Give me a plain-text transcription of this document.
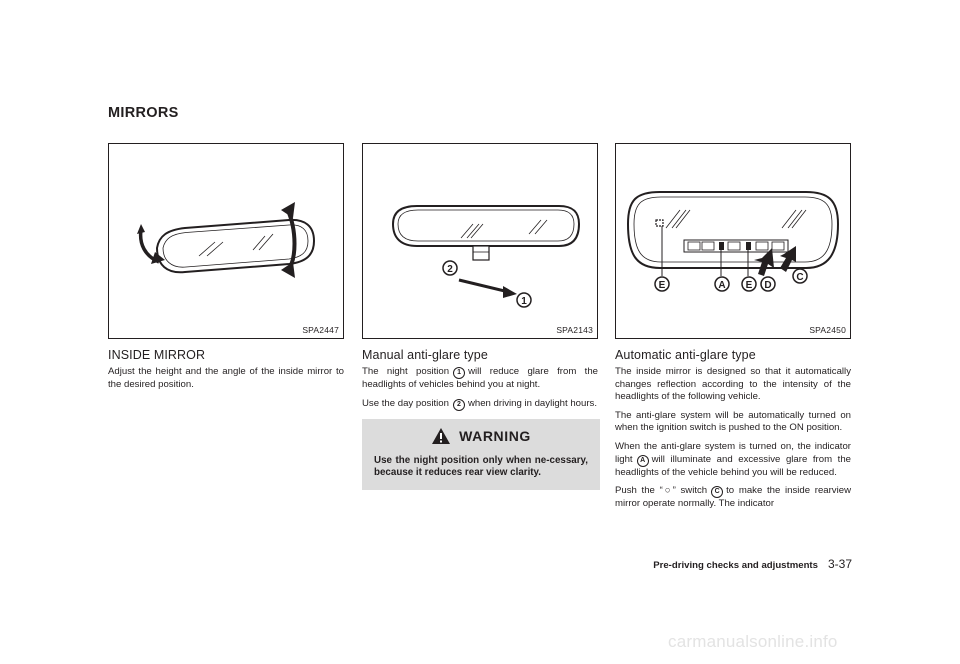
MIRRORS
SPA2447
INSIDE MIRROR

Adjust the height and the angle of the inside mirror to the desired position.

2
1
SPA2143
Manual anti-glare type

The night position 1 will reduce glare from the headlights of vehicles behind you at night.

Use the day position 2 when driving in daylight hours.

WARNING

Use the night position only when ne-cessary, because it reduces rear view clarity.

E	A E D
C
SPA2450
Automatic anti-glare type

The inside mirror is designed so that it automatically changes reflection according to the intensity of the headlights of the following vehicle.

The anti-glare system will be automatically turned on when the ignition switch is pushed to the ON position.

When the anti-glare system is turned on, the indicator light A will illuminate and excessive glare from the headlights of the vehicle behind you will be reduced.

Push the “○” switch C to make the inside rearview mirror operate normally. The indicator

Pre-driving checks and adjustments 3-37
carmanualsonline.info
